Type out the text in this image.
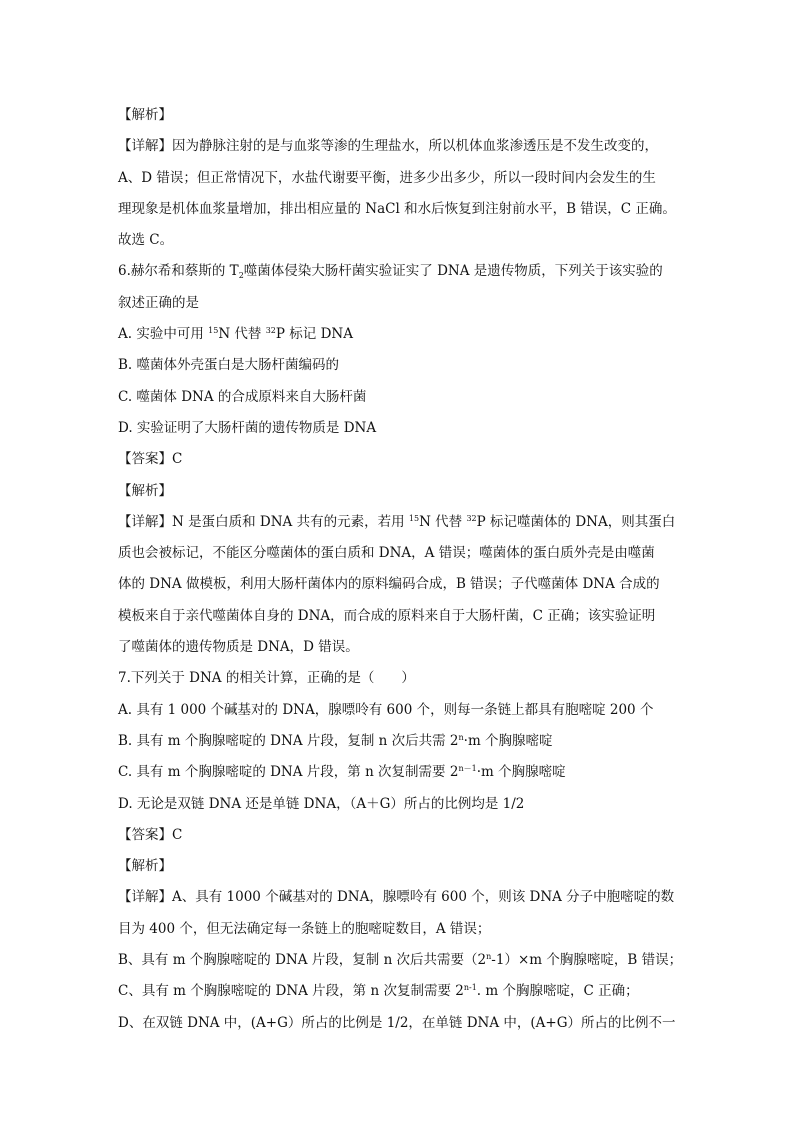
【解析】
【详解】因为静脉注射的是与血浆等渗的生理盐水，所以机体血浆渗透压是不发生改变的，
A、D 错误；但正常情况下，水盐代谢要平衡，进多少出多少，所以一段时间内会发生的生
理现象是机体血浆量增加，排出相应量的 NaCl 和水后恢复到注射前水平，B 错误，C 正确。
故选 C。
6.赫尔希和蔡斯的 $T_2$噬菌体侵染大肠杆菌实验证实了 DNA 是遗传物质，下列关于该实验的
叙述正确的是
A. 实验中可用 $^{15}$N 代替 $^{32}$P 标记 DNA
B. 噬菌体外壳蛋白是大肠杆菌编码的
C. 噬菌体 DNA 的合成原料来自大肠杆菌
D. 实验证明了大肠杆菌的遗传物质是 DNA
【答案】C
【解析】
【详解】N 是蛋白质和 DNA 共有的元素，若用 $^{15}$N 代替 $^{32}$P 标记噬菌体的 DNA，则其蛋白
质也会被标记，不能区分噬菌体的蛋白质和 DNA，A 错误；噬菌体的蛋白质外壳是由噬菌
体的 DNA 做模板，利用大肠杆菌体内的原料编码合成，B 错误；子代噬菌体 DNA 合成的
模板来自于亲代噬菌体自身的 DNA，而合成的原料来自于大肠杆菌，C 正确；该实验证明
了噬菌体的遗传物质是 DNA，D 错误。
7.下列关于 DNA 的相关计算，正确的是（　　）
A. 具有 1 000 个碱基对的 DNA，腺嘌呤有 600 个，则每一条链上都具有胞嘧啶 200 个
B. 具有 m 个胸腺嘧啶的 DNA 片段，复制 n 次后共需 $2^n\cdot m$ 个胸腺嘧啶
C. 具有 m 个胸腺嘧啶的 DNA 片段，第 n 次复制需要 $2^{n-1}\cdot m$ 个胸腺嘧啶
D. 无论是双链 DNA 还是单链 DNA，（A＋G）所占的比例均是 1/2
【答案】C
【解析】
【详解】A、具有 1000 个碱基对的 DNA，腺嘌呤有 600 个，则该 DNA 分子中胞嘧啶的数
目为 400 个，但无法确定每一条链上的胞嘧啶数目，A 错误；
B、具有 m 个胸腺嘧啶的 DNA 片段，复制 n 次后共需要$(2^n-1)\times m$ 个胸腺嘧啶，B 错误；
C、具有 m 个胸腺嘧啶的 DNA 片段，第 n 次复制需要 2$^{n-1}$. m 个胸腺嘧啶，C 正确；
D、在双链 DNA 中，(A+G）所占的比例是 1/2，在单链 DNA 中，(A+G）所占的比例不一
